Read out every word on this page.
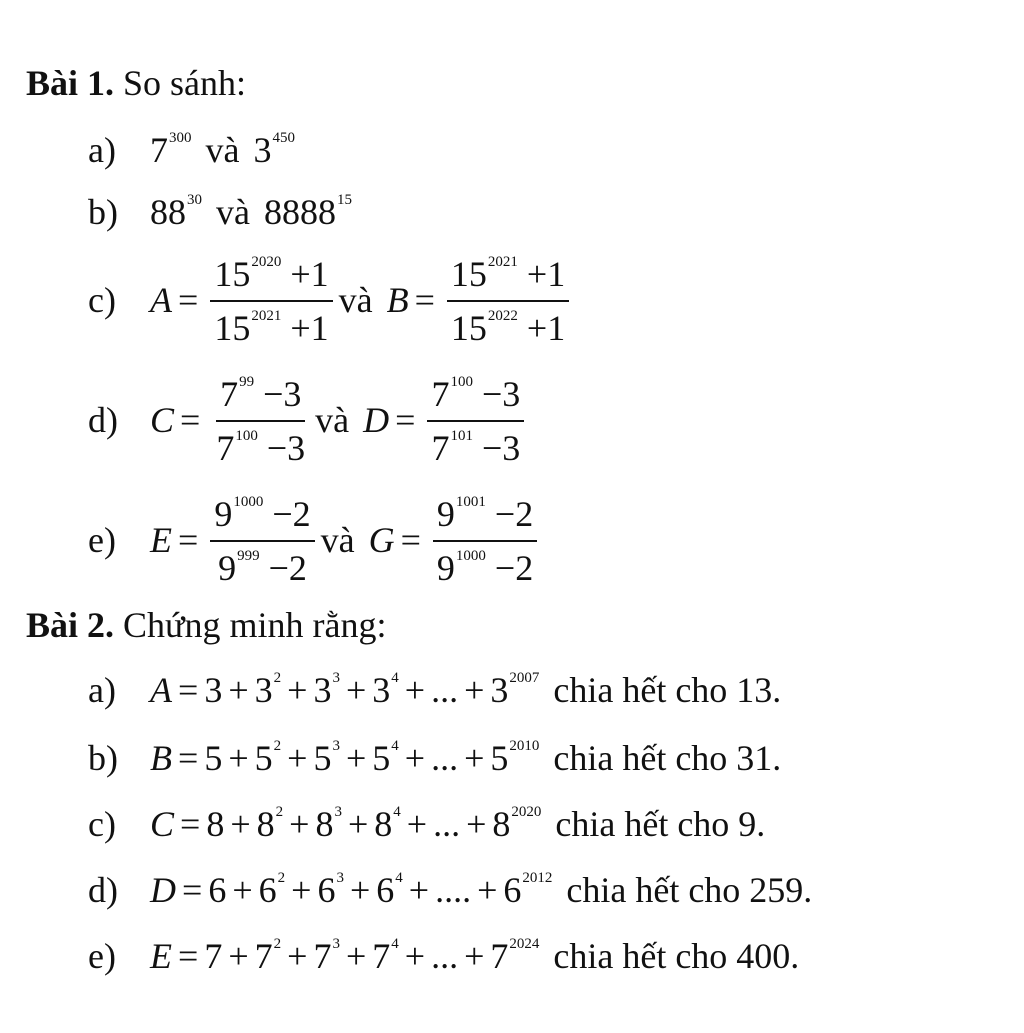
Bài 1. So sánh:
a) $7^{300}$ và $3^{450}$
b) $88^{30}$ và 8888$^{15}$
c) $A = \frac{15^{2020} +1}{15^{2021} +1}$ và $B = \frac{15^{2021} +1}{15^{2022} +1}$
d) $C = \frac{7^{99} -3}{7^{100} -3}$ và $D = \frac{7^{100} -3}{7^{101} -3}$
e) $E = \frac{9^{1000} -2}{9^{999} -2}$ và $G = \frac{9^{1001} -2}{9^{1000} -2}$
Bài 2. Chứng minh rằng:
a) $A = 3 + 3^2 + 3^3 + 3^4$ + ... + $3^{2007}$ chia hết cho 13.
b) $B = 5 + 5^2 + 5^3 + 5^4$ + ... + $5^{2010}$ chia hết cho 31.
c) $C = 8 + 8^2 + 8^3 + 8^4$ + ... + $8^{2020}$ chia hết cho 9.
d) $D = 6 + 6^2 + 6^3 + 6^4$ + .... + $6^{2012}$ chia hết cho 259.
e) $E = 7 + 7^2 + 7^3 + 7^4$ + ... + $7^{2024}$ chia hết cho 400.
